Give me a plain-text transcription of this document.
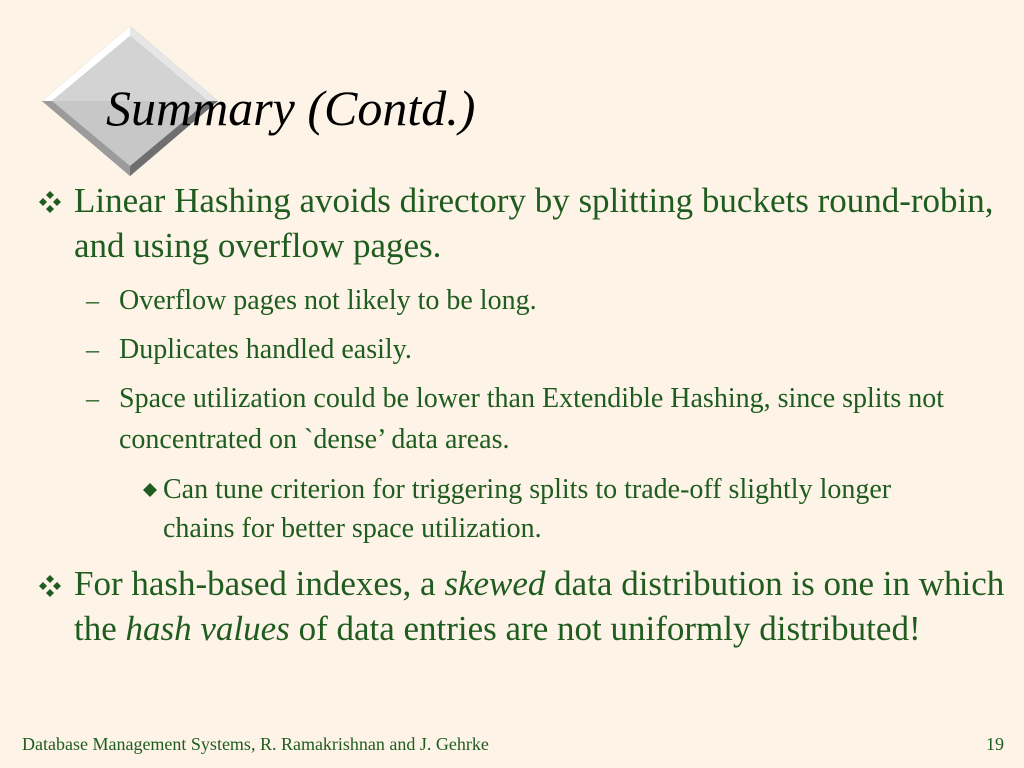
Summary (Contd.)
Linear Hashing avoids directory by splitting buckets round-robin, and using overflow pages.
– Overflow pages not likely to be long.
– Duplicates handled easily.
– Space utilization could be lower than Extendible Hashing, since splits not concentrated on `dense’ data areas.
Can tune criterion for triggering splits to trade-off slightly longer chains for better space utilization.
For hash-based indexes, a skewed data distribution is one in which the hash values of data entries are not uniformly distributed!
Database Management Systems, R. Ramakrishnan and J. Gehrke	19
